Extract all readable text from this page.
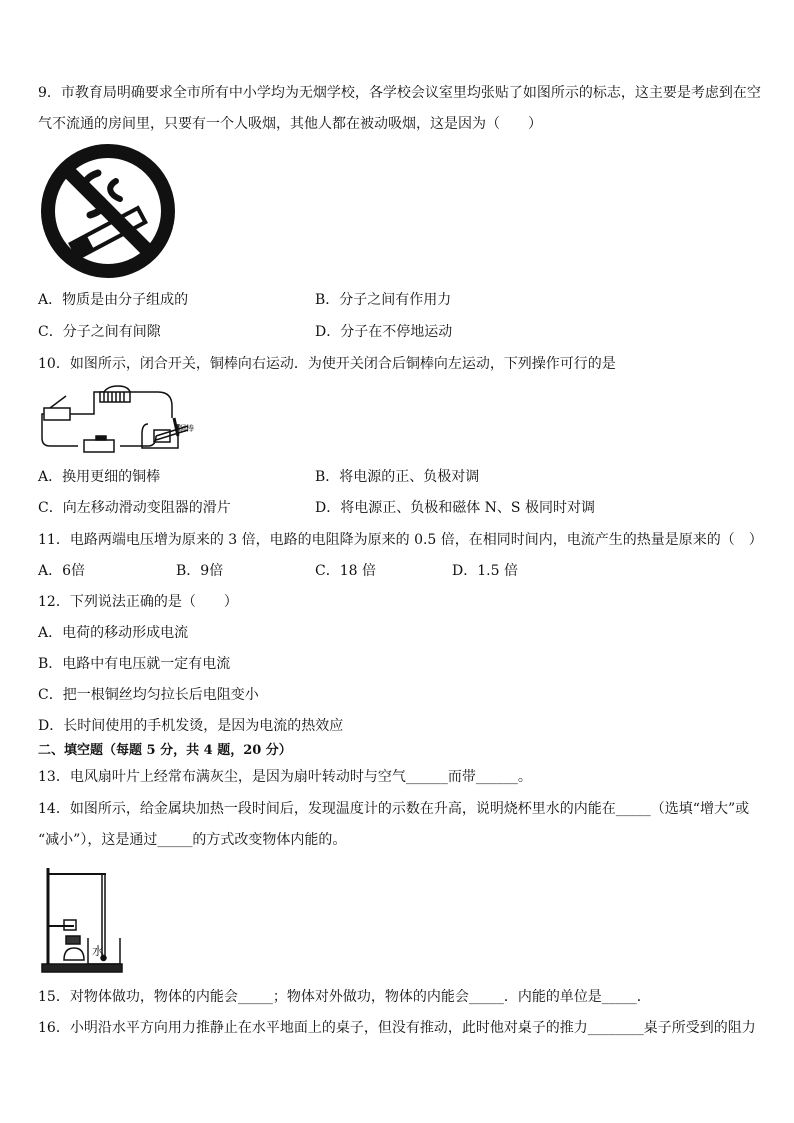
9．市教育局明确要求全市所有中小学均为无烟学校，各学校会议室里均张贴了如图所示的标志，这主要是考虑到在空
气不流通的房间里，只要有一个人吸烟，其他人都在被动吸烟，这是因为（　　）
A．物质是由分子组成的	B．分子之间有作用力
C．分子之间有间隙	D．分子在不停地运动
10．如图所示，闭合开关，铜棒向右运动．为使开关闭合后铜棒向左运动，下列操作可行的是
铜棒
A．换用更细的铜棒	B．将电源的正、负极对调
C．向左移动滑动变阻器的滑片	D．将电源正、负极和磁体 N、S 极同时对调
11．电路两端电压增为原来的 3 倍，电路的电阻降为原来的 0.5 倍，在相同时间内，电流产生的热量是原来的（　）
A．6倍	B．9倍	C．18 倍	D．1.5 倍
12．下列说法正确的是（　　）
A．电荷的移动形成电流
B．电路中有电压就一定有电流
C．把一根铜丝均匀拉长后电阻变小
D．长时间使用的手机发烫，是因为电流的热效应
二、填空题（每题 5 分，共 4 题，20 分）
13．电风扇叶片上经常布满灰尘，是因为扇叶转动时与空气______而带______。
14．如图所示，给金属块加热一段时间后，发现温度计的示数在升高，说明烧杯里水的内能在_____（选填“增大”或
“减小”），这是通过_____的方式改变物体内能的。
水
15．对物体做功，物体的内能会_____；物体对外做功，物体的内能会_____．内能的单位是_____．
16．小明沿水平方向用力推静止在水平地面上的桌子，但没有推动，此时他对桌子的推力________桌子所受到的阻力
